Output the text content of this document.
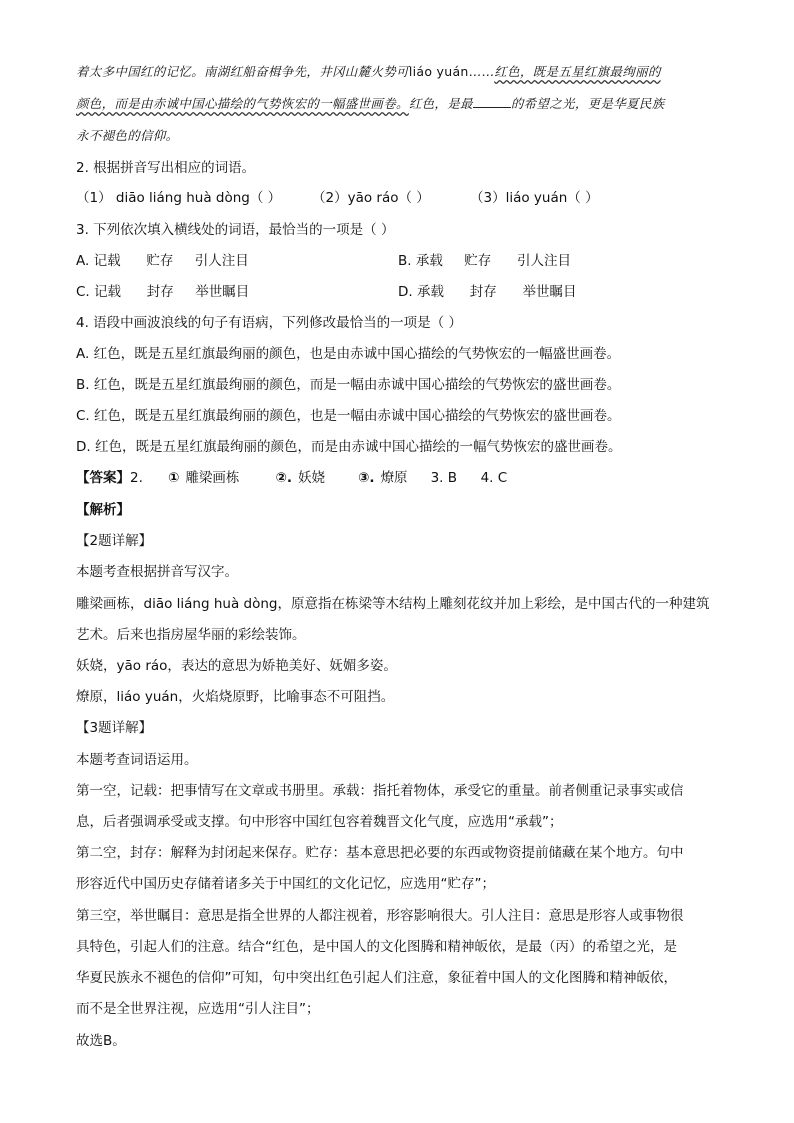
着太多中国红的记忆。南湖红船奋楫争先，井冈山麓火势可liáo yuán……红色，既是五星红旗最绚丽的
颜色，而是由赤诚中国心描绘的气势恢宏的一幅盛世画卷。红色，是最	的希望之光，更是华夏民族
永不褪色的信仰。
2. 根据拼音写出相应的词语。
（1） diāo liáng huà dòng（ ） （2）yāo ráo（ ）	（3）liáo yuán（ ）
3. 下列依次填入横线处的词语，最恰当的一项是（ ）
A. 记载      贮存     引人注目	B. 承载     贮存      引人注目
C. 记载      封存     举世瞩目	D. 承载      封存      举世瞩目
4. 语段中画波浪线的句子有语病，下列修改最恰当的一项是（ ）
A. 红色，既是五星红旗最绚丽的颜色，也是由赤诚中国心描绘的气势恢宏的一幅盛世画卷。
B. 红色，既是五星红旗最绚丽的颜色，而是一幅由赤诚中国心描绘的气势恢宏的盛世画卷。
C. 红色，既是五星红旗最绚丽的颜色，也是一幅由赤诚中国心描绘的气势恢宏的盛世画卷。
D. 红色，既是五星红旗最绚丽的颜色，而是由赤诚中国心描绘的一幅气势恢宏的盛世画卷。
【答案】2. ① 雕梁画栋	②. 妖娆 ③. 燎原 3. B 4. C
【解析】
【2题详解】
本题考查根据拼音写汉字。
雕梁画栋，diāo liáng huà dòng，原意指在栋梁等木结构上雕刻花纹并加上彩绘，是中国古代的一种建筑
艺术。后来也指房屋华丽的彩绘装饰。
妖娆，yāo ráo，表达的意思为娇艳美好、妩媚多姿。
燎原，liáo yuán，火焰烧原野，比喻事态不可阻挡。
【3题详解】
本题考查词语运用。
第一空，记载：把事情写在文章或书册里。承载：指托着物体，承受它的重量。前者侧重记录事实或信
息，后者强调承受或支撑。句中形容中国红包容着魏晋文化气度，应选用“承载”；
第二空，封存：解释为封闭起来保存。贮存：基本意思把必要的东西或物资提前储藏在某个地方。句中
形容近代中国历史存储着诸多关于中国红的文化记忆，应选用“贮存”；
第三空，举世瞩目：意思是指全世界的人都注视着，形容影响很大。引人注目：意思是形容人或事物很
具特色，引起人们的注意。结合“红色，是中国人的文化图腾和精神皈依，是最（丙）的希望之光，是
华夏民族永不褪色的信仰”可知，句中突出红色引起人们注意，象征着中国人的文化图腾和精神皈依，
而不是全世界注视，应选用“引人注目”；
故选B。
